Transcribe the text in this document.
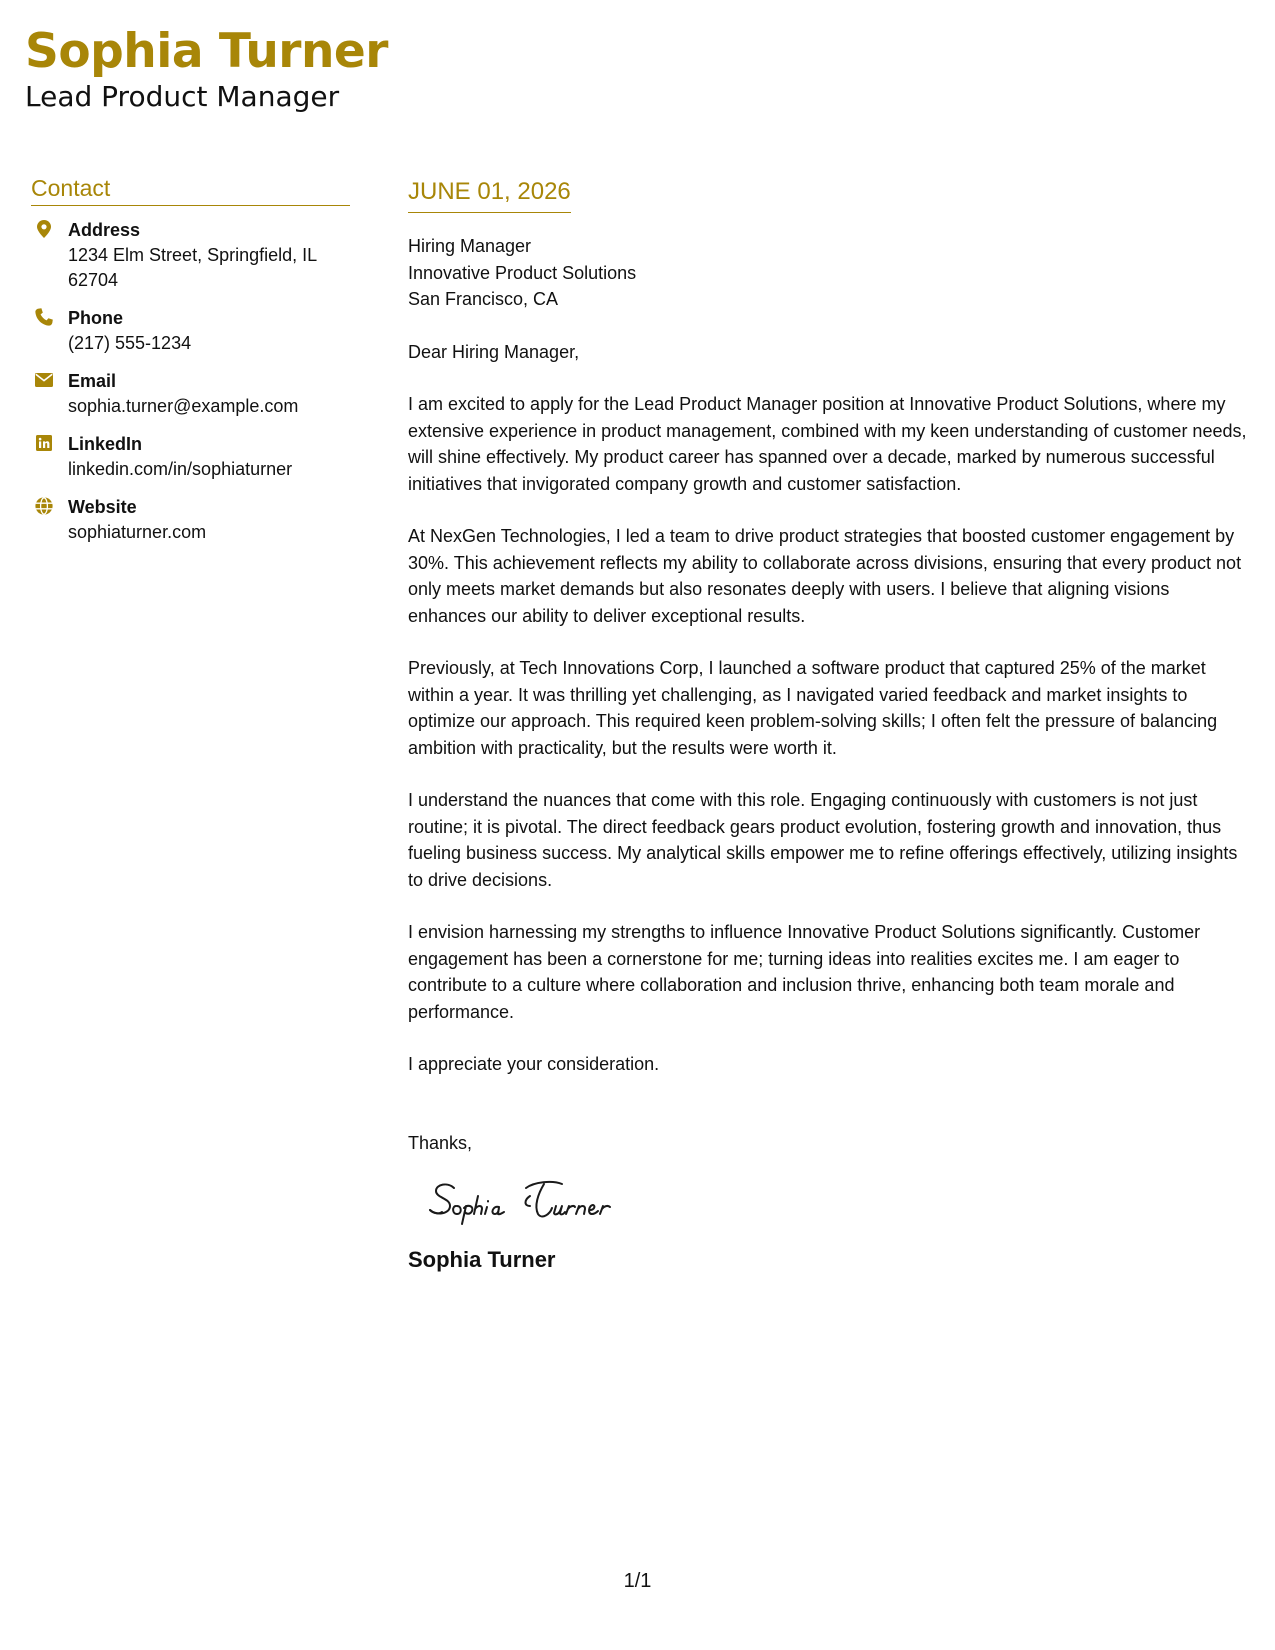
Sophia Turner
Lead Product Manager
Contact
Address
1234 Elm Street, Springfield, IL 62704
Phone
(217) 555-1234
Email
sophia.turner@example.com
LinkedIn
linkedin.com/in/sophiaturner
Website
sophiaturner.com
JUNE 01, 2026
Hiring Manager
Innovative Product Solutions
San Francisco, CA
Dear Hiring Manager,
I am excited to apply for the Lead Product Manager position at Innovative Product Solutions, where my extensive experience in product management, combined with my keen understanding of customer needs, will shine effectively. My product career has spanned over a decade, marked by numerous successful initiatives that invigorated company growth and customer satisfaction.
At NexGen Technologies, I led a team to drive product strategies that boosted customer engagement by 30%. This achievement reflects my ability to collaborate across divisions, ensuring that every product not only meets market demands but also resonates deeply with users. I believe that aligning visions enhances our ability to deliver exceptional results.
Previously, at Tech Innovations Corp, I launched a software product that captured 25% of the market within a year. It was thrilling yet challenging, as I navigated varied feedback and market insights to optimize our approach. This required keen problem-solving skills; I often felt the pressure of balancing ambition with practicality, but the results were worth it.
I understand the nuances that come with this role. Engaging continuously with customers is not just routine; it is pivotal. The direct feedback gears product evolution, fostering growth and innovation, thus fueling business success. My analytical skills empower me to refine offerings effectively, utilizing insights to drive decisions.
I envision harnessing my strengths to influence Innovative Product Solutions significantly. Customer engagement has been a cornerstone for me; turning ideas into realities excites me. I am eager to contribute to a culture where collaboration and inclusion thrive, enhancing both team morale and performance.
I appreciate your consideration.
Thanks,
Sophia Turner
1/1
